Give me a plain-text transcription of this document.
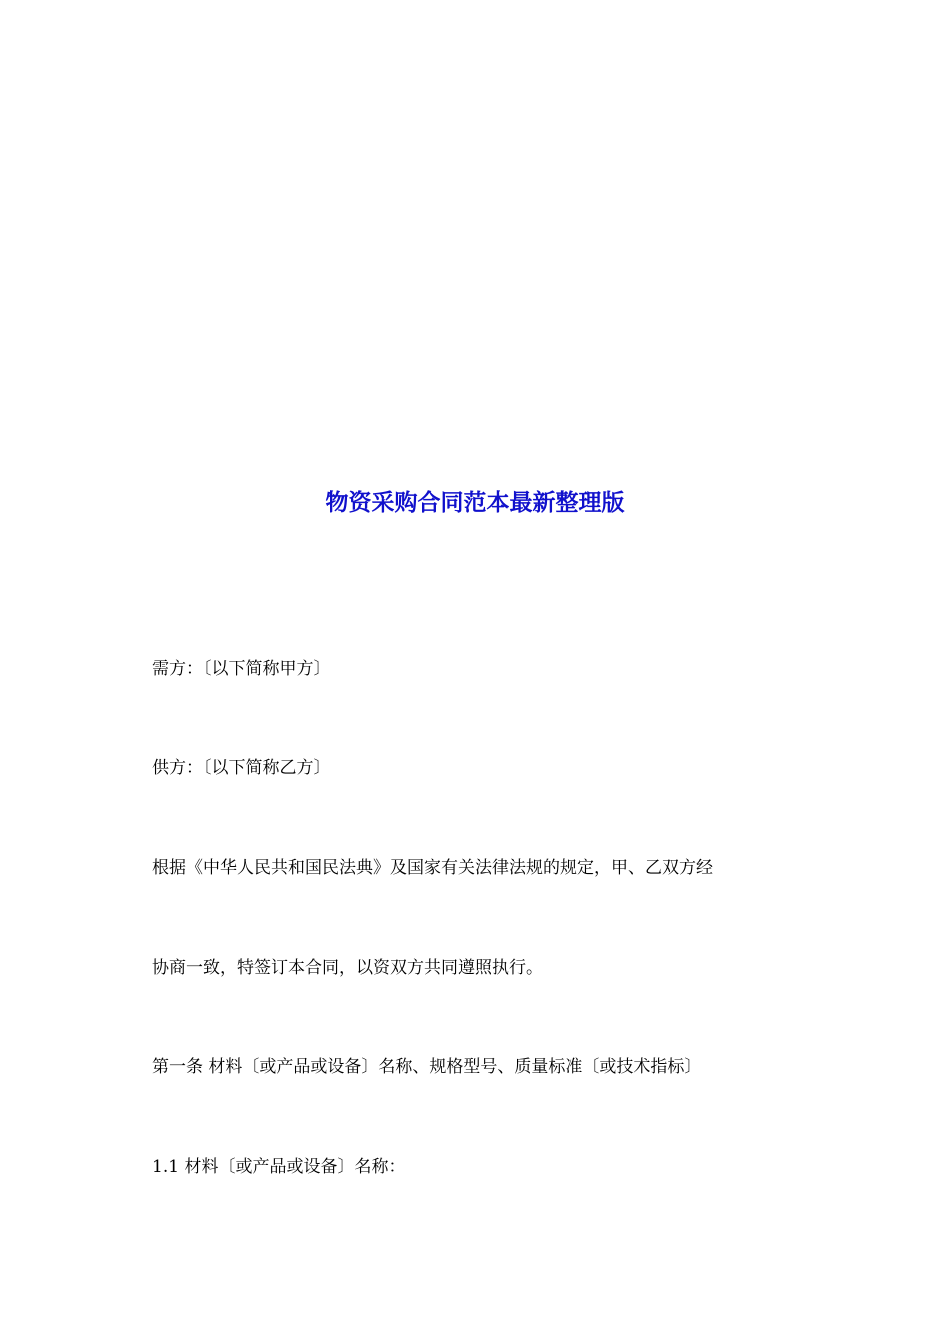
物资采购合同范本最新整理版

需方：〔以下简称甲方〕

供方：〔以下简称乙方〕

根据《中华人民共和国民法典》及国家有关法律法规的规定，甲、乙双方经

协商一致，特签订本合同，以资双方共同遵照执行。

第一条 材料〔或产品或设备〕名称、规格型号、质量标准〔或技术指标〕

1.1 材料〔或产品或设备〕名称：
